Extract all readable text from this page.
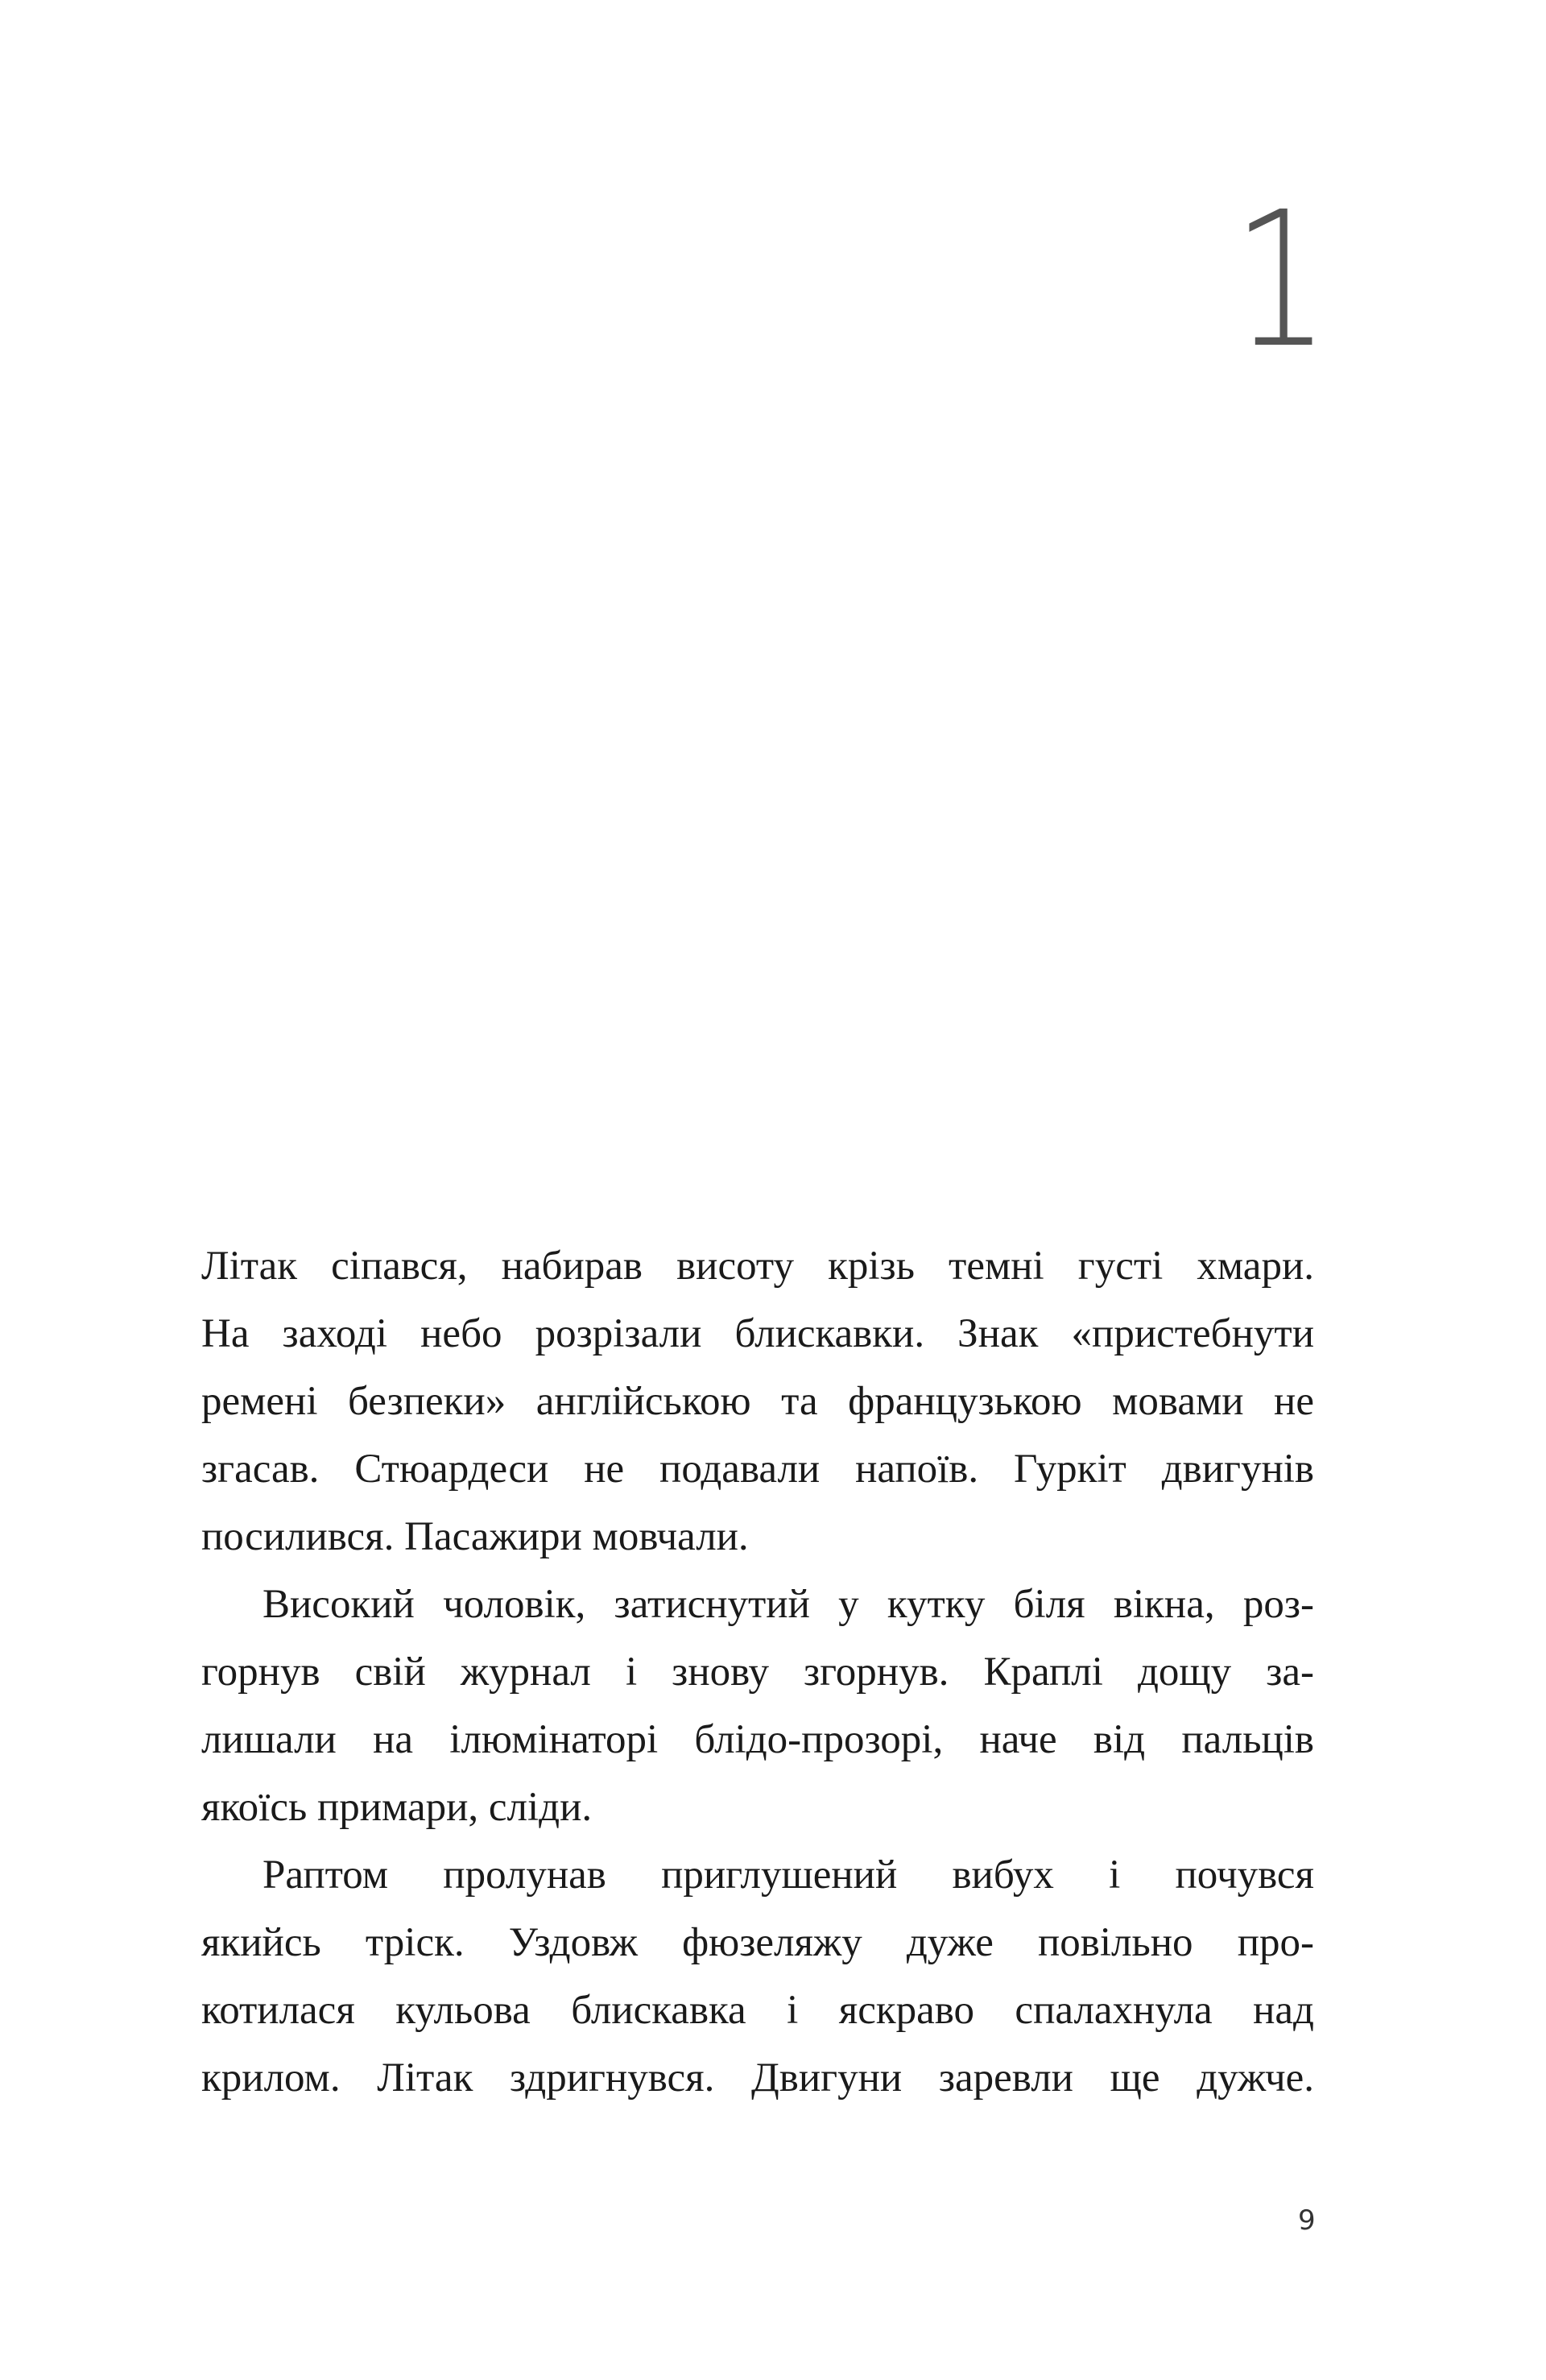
1
Літак сіпався, набирав висоту крізь темні густі хмари.
На заході небо розрізали блискавки. Знак «пристебнути
ремені безпеки» англійською та французькою мовами не
згасав. Стюардеси не подавали напоїв. Гуркіт двигунів
посилився. Пасажири мовчали.
Високий чоловік, затиснутий у кутку біля вікна, роз-
горнув свій журнал і знову згорнув. Краплі дощу за-
лишали на ілюмінаторі блідо-прозорі, наче від пальців
якоїсь примари, сліди.
Раптом пролунав приглушений вибух і почувся
якийсь тріск. Уздовж фюзеляжу дуже повільно про-
котилася кульова блискавка і яскраво спалахнула над
крилом. Літак здригнувся. Двигуни заревли ще дужче.
9
